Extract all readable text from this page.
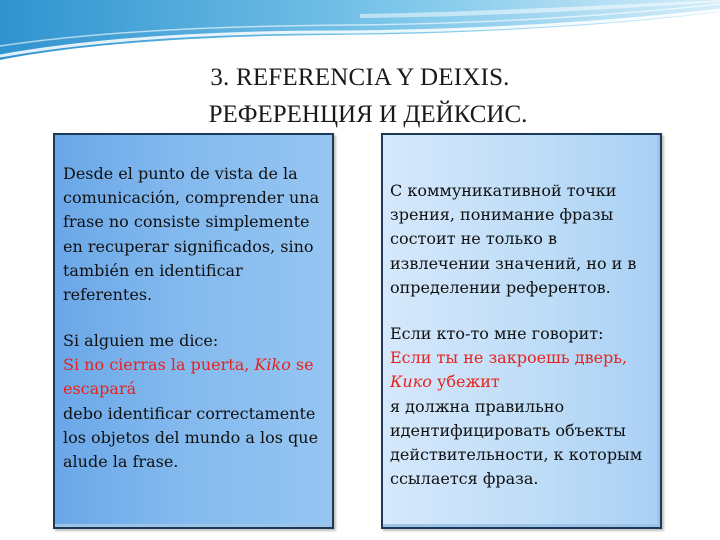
3. REFERENCIA Y DEIXIS.
РЕФЕРЕНЦИЯ И ДЕЙКСИС.

Desde el punto de vista de la comunicación, comprender una frase no consiste simplemente en recuperar significados, sino también en identificar referentes.

Si alguien me dice:
Si no cierras la puerta, Kiko se escapará
debo identificar correctamente los objetos del mundo a los que alude la frase.

С коммуникативной точки зрения, понимание фразы состоит не только в извлечении значений, но и в определении референтов.

Если кто-то мне говорит:
Если ты не закроешь дверь, Кико убежит
я должна правильно идентифицировать объекты действительности, к которым ссылается фраза.
